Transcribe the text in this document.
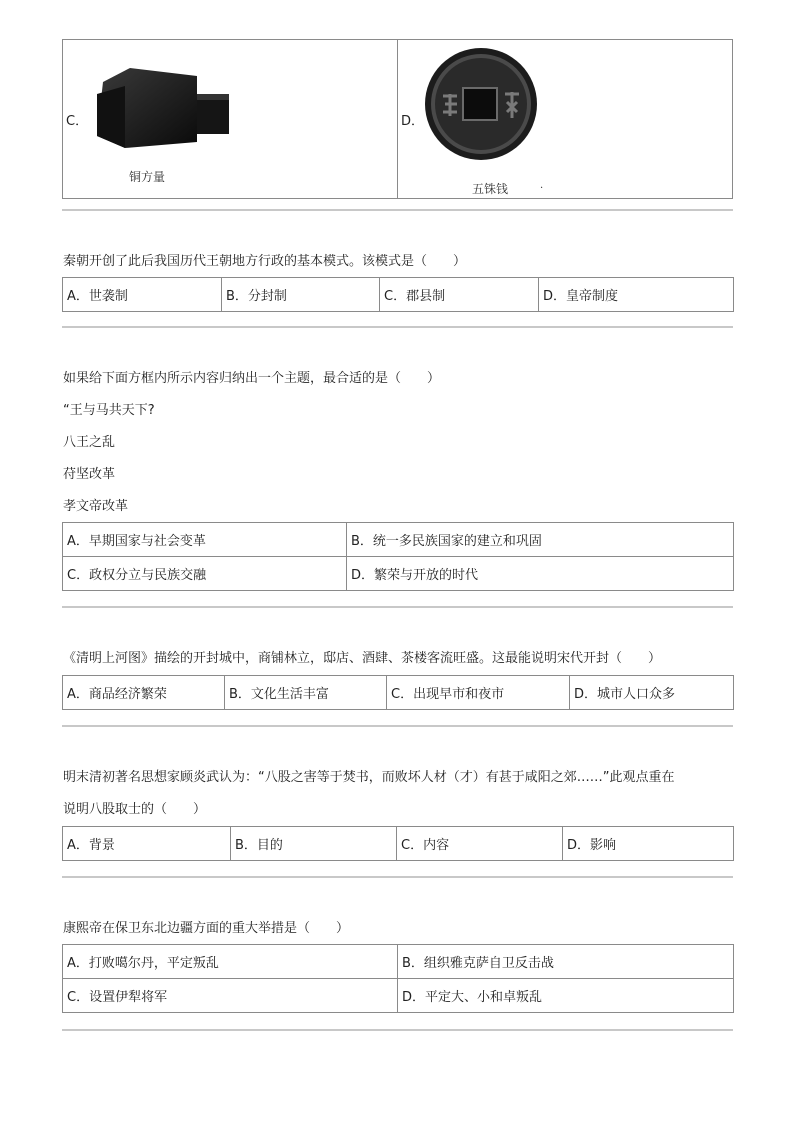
C．
铜方量

D．
五铢钱	.
秦朝开创了此后我国历代王朝地方行政的基本模式。该模式是（　　）
A．世袭制	B．分封制	C．郡县制	D．皇帝制度
如果给下面方框内所示内容归纳出一个主题，最合适的是（　　）
“王与马共天下?
八王之乱
苻坚改革
孝文帝改革
A．早期国家与社会变革	B．统一多民族国家的建立和巩固
C．政权分立与民族交融	D．繁荣与开放的时代
《清明上河图》描绘的开封城中，商铺林立，邸店、酒肆、茶楼客流旺盛。这最能说明宋代开封（　　）
A．商品经济繁荣	B．文化生活丰富	C．出现早市和夜市	D．城市人口众多
明末清初著名思想家顾炎武认为：“八股之害等于焚书，而败坏人材（才）有甚于咸阳之郊……”此观点重在
说明八股取士的（　　）
A．背景	B．目的	C．内容	D．影响
康熙帝在保卫东北边疆方面的重大举措是（　　）
A．打败噶尔丹，平定叛乱	B．组织雅克萨自卫反击战
C．设置伊犁将军	D．平定大、小和卓叛乱
